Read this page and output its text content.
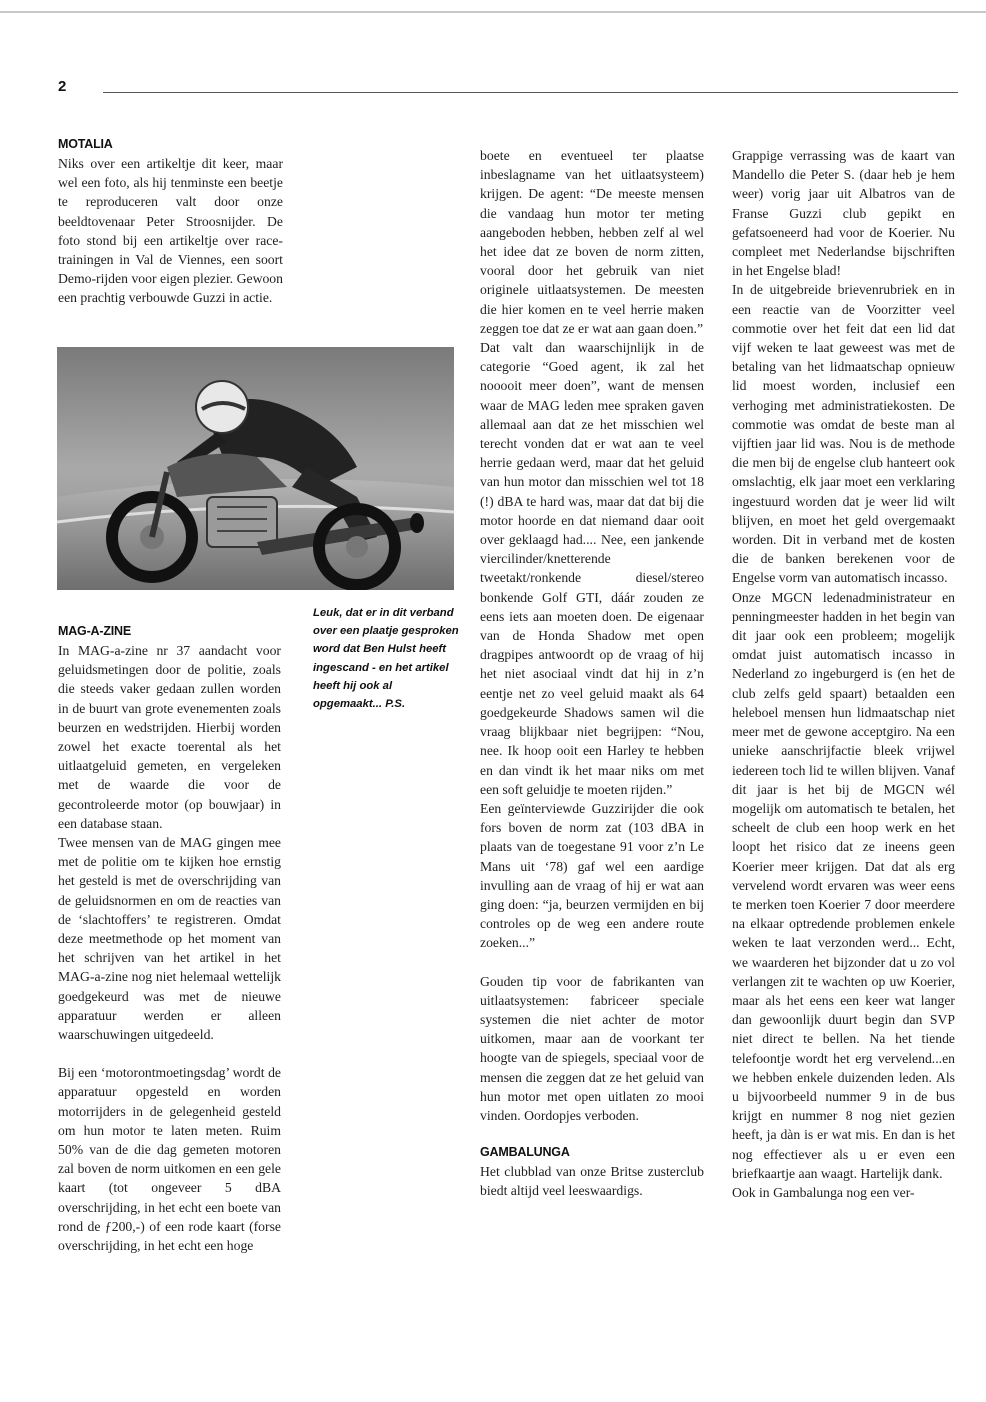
2
MOTALIA

Niks over een artikeltje dit keer, maar wel een foto, als hij tenminste een beetje te reproduceren valt door onze beeldtovenaar Peter Stroosnijder. De foto stond bij een artikeltje over race-trainingen in Val de Viennes, een soort Demo-rijden voor eigen plezier. Gewoon een prachtig verbouwde Guzzi in actie.

Leuk, dat er in dit verband over een plaatje gesproken word dat Ben Hulst heeft ingescand - en het artikel heeft hij ook al opgemaakt... P.S.
MAG-A-ZINE

In MAG-a-zine nr 37 aandacht voor geluidsmetingen door de politie, zoals die steeds vaker gedaan zullen worden in de buurt van grote evenementen zoals beurzen en wedstrijden. Hierbij worden zowel het exacte toerental als het uitlaatgeluid gemeten, en vergeleken met de waarde die voor de gecontroleerde motor (op bouwjaar) in een database staan.

Twee mensen van de MAG gingen mee met de politie om te kijken hoe ernstig het gesteld is met de overschrijding van de geluidsnormen en om de reacties van de ‘slachtoffers’ te registreren. Omdat deze meetmethode op het moment van het schrijven van het artikel in het MAG-a-zine nog niet helemaal wettelijk goedgekeurd was met de nieuwe apparatuur werden er alleen waarschuwingen uitgedeeld.

Bij een ‘motorontmoetingsdag’ wordt de apparatuur opgesteld en worden motorrijders in de gelegenheid gesteld om hun motor te laten meten. Ruim 50% van de die dag gemeten motoren zal boven de norm uitkomen en een gele kaart (tot ongeveer 5 dBA overschrijding, in het echt een boete van rond de ƒ200,-) of een rode kaart (forse overschrijding, in het echt een hoge

boete en eventueel ter plaatse inbeslagname van het uitlaatsysteem) krijgen. De agent: “De meeste mensen die vandaag hun motor ter meting aangeboden hebben, hebben zelf al wel het idee dat ze boven de norm zitten, vooral door het gebruik van niet originele uitlaatsystemen. De meesten die hier komen en te veel herrie maken zeggen toe dat ze er wat aan gaan doen.”

Dat valt dan waarschijnlijk in de categorie “Goed agent, ik zal het nooooit meer doen”, want de mensen waar de MAG leden mee spraken gaven allemaal aan dat ze het misschien wel terecht vonden dat er wat aan te veel herrie gedaan werd, maar dat het geluid van hun motor dan misschien wel tot 18 (!) dBA te hard was, maar dat dat bij die motor hoorde en dat niemand daar ooit over geklaagd had.... Nee, een jankende viercilinder/knetterende tweetakt/ronkende diesel/stereo bonkende Golf GTI, dáár zouden ze eens iets aan moeten doen. De eigenaar van de Honda Shadow met open dragpipes antwoordt op de vraag of hij het niet asociaal vindt dat hij in z’n eentje net zo veel geluid maakt als 64 goedgekeurde Shadows samen wil die vraag blijkbaar niet begrijpen: “Nou, nee. Ik hoop ooit een Harley te hebben en dan vindt ik het maar niks om met een soft geluidje te moeten rijden.”

Een geïnterviewde Guzzirijder die ook fors boven de norm zat (103 dBA in plaats van de toegestane 91 voor z’n Le Mans uit ‘78) gaf wel een aardige invulling aan de vraag of hij er wat aan ging doen: “ja, beurzen vermijden en bij controles op de weg een andere route zoeken...”

Gouden tip voor de fabrikanten van uitlaatsystemen: fabriceer speciale systemen die niet achter de motor uitkomen, maar aan de voorkant ter hoogte van de spiegels, speciaal voor de mensen die zeggen dat ze het geluid van hun motor met open uitlaten zo mooi vinden. Oordopjes verboden.

GAMBALUNGA

Het clubblad van onze Britse zusterclub biedt altijd veel leeswaardigs.

Grappige verrassing was de kaart van Mandello die Peter S. (daar heb je hem weer) vorig jaar uit Albatros van de Franse Guzzi club gepikt en gefatsoeneerd had voor de Koerier. Nu compleet met Nederlandse bijschriften in het Engelse blad!

In de uitgebreide brievenrubriek en in een reactie van de Voorzitter veel commotie over het feit dat een lid dat vijf weken te laat geweest was met de betaling van het lidmaatschap opnieuw lid moest worden, inclusief een verhoging met administratiekosten. De commotie was omdat de beste man al vijftien jaar lid was. Nou is de methode die men bij de engelse club hanteert ook omslachtig, elk jaar moet een verklaring ingestuurd worden dat je weer lid wilt blijven, en moet het geld overgemaakt worden. Dit in verband met de kosten die de banken berekenen voor de Engelse vorm van automatisch incasso.

Onze MGCN ledenadministrateur en penningmeester hadden in het begin van dit jaar ook een probleem; mogelijk omdat juist automatisch incasso in Nederland zo ingeburgerd is (en het de club zelfs geld spaart) betaalden een heleboel mensen hun lidmaatschap niet meer met de gewone acceptgiro. Na een unieke aanschrijfactie bleek vrijwel iedereen toch lid te willen blijven. Vanaf dit jaar is het bij de MGCN wél mogelijk om automatisch te betalen, het scheelt de club een hoop werk en het loopt het risico dat ze ineens geen Koerier meer krijgen. Dat dat als erg vervelend wordt ervaren was weer eens te merken toen Koerier 7 door meerdere na elkaar optredende problemen enkele weken te laat verzonden werd... Echt, we waarderen het bijzonder dat u zo vol verlangen zit te wachten op uw Koerier, maar als het eens een keer wat langer dan gewoonlijk duurt begin dan SVP niet direct te bellen. Na het tiende telefoontje wordt het erg vervelend...en we hebben enkele duizenden leden. Als u bijvoorbeeld nummer 9 in de bus krijgt en nummer 8 nog niet gezien heeft, ja dàn is er wat mis. En dan is het nog effectiever als u er even een briefkaartje aan waagt. Hartelijk dank.

Ook in Gambalunga nog een ver-
